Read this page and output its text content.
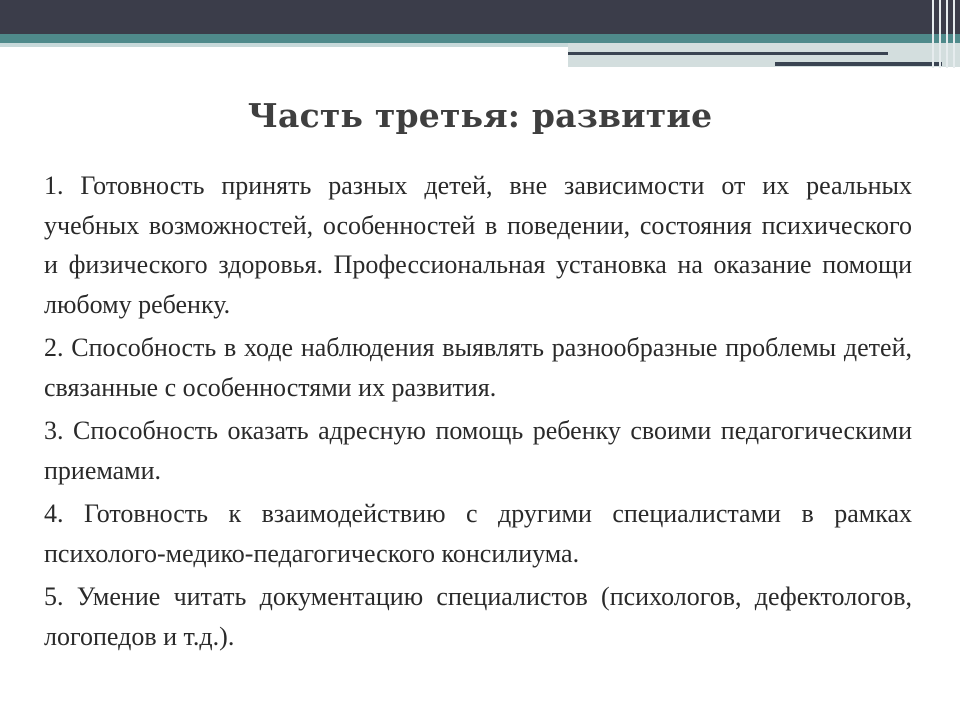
Часть третья: развитие

1. Готовность принять разных детей, вне зависимости от их реальных учебных возможностей, особенностей в поведении, состояния психического и физического здоровья. Профессиональная установка на оказание помощи любому ребенку.

2. Способность в ходе наблюдения выявлять разнообразные проблемы детей, связанные с особенностями их развития.

3. Способность оказать адресную помощь ребенку своими педагогическими приемами.

4. Готовность к взаимодействию с другими специалистами в рамках психолого-медико-педагогического консилиума.

5. Умение читать документацию специалистов (психологов, дефектологов, логопедов и т.д.).
